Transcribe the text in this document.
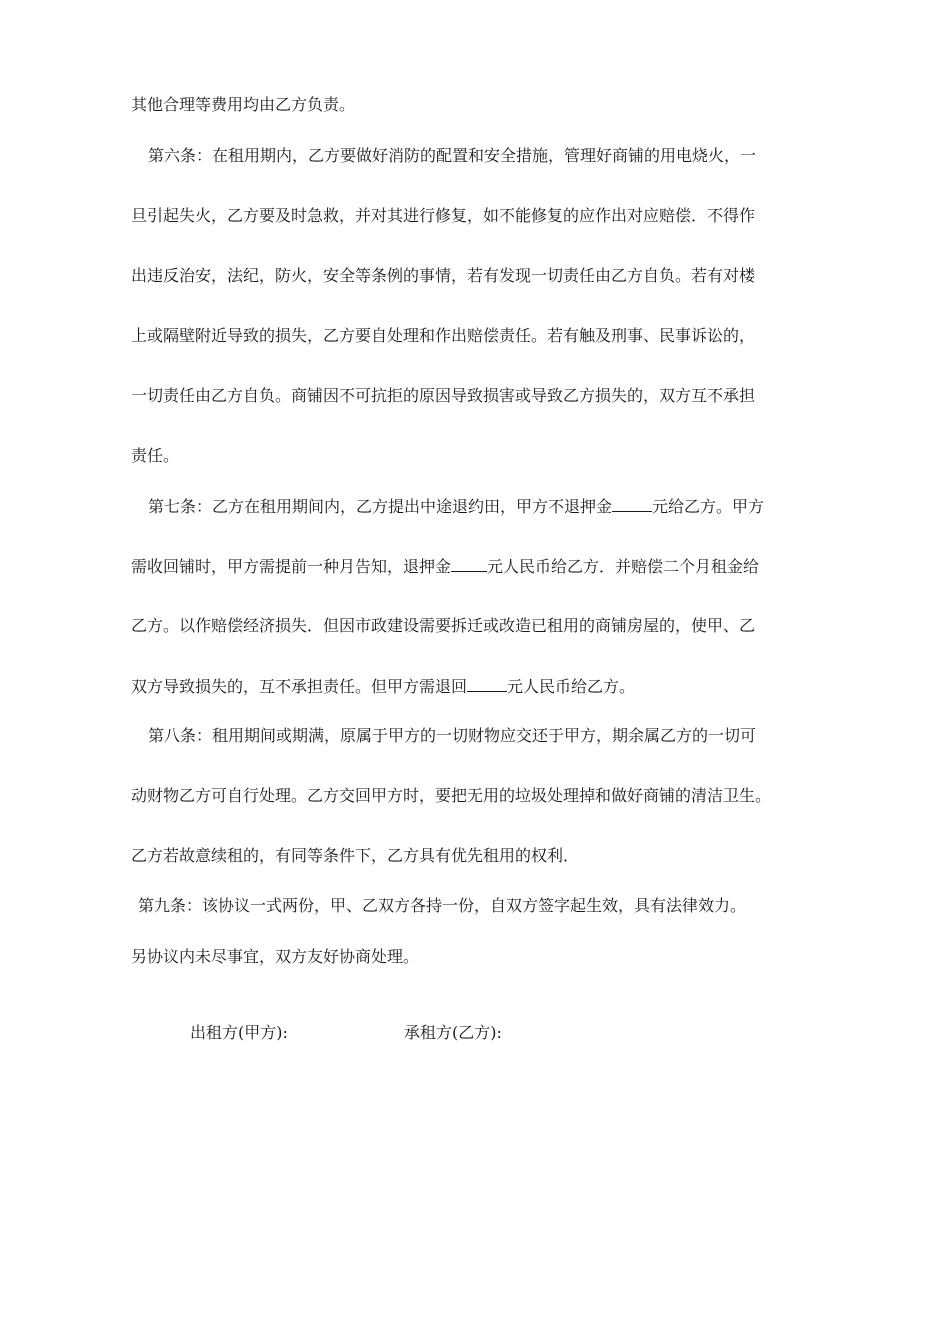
其他合理等费用均由乙方负责。
第六条：在租用期内，乙方要做好消防的配置和安全措施，管理好商铺的用电烧火，一
旦引起失火，乙方要及时急救，并对其进行修复，如不能修复的应作出对应赔偿．不得作
出违反治安，法纪，防火，安全等条例的事情，若有发现一切责任由乙方自负。若有对楼
上或隔壁附近导致的损失，乙方要自处理和作出赔偿责任。若有触及刑事、民事诉讼的，
一切责任由乙方自负。商铺因不可抗拒的原因导致损害或导致乙方损失的，双方互不承担
责任。
第七条：乙方在租用期间内，乙方提出中途退约田，甲方不退押金	元给乙方。甲方
需收回铺时，甲方需提前一种月告知，退押金 元人民币给乙方．并赔偿二个月租金给
乙方。以作赔偿经济损失．但因市政建设需要拆迁或改造已租用的商铺房屋的，使甲、乙
双方导致损失的，互不承担责任。但甲方需退回	元人民币给乙方。
第八条：租用期间或期满，原属于甲方的一切财物应交还于甲方，期余属乙方的一切可
动财物乙方可自行处理。乙方交回甲方时，要把无用的垃圾处理掉和做好商铺的清洁卫生。
乙方若故意续租的，有同等条件下，乙方具有优先租用的权利．
第九条：该协议一式两份，甲、乙双方各持一份，自双方签字起生效，具有法律效力。
另协议内未尽事宜，双方友好协商处理。
出租方(甲方):	承租方(乙方):
